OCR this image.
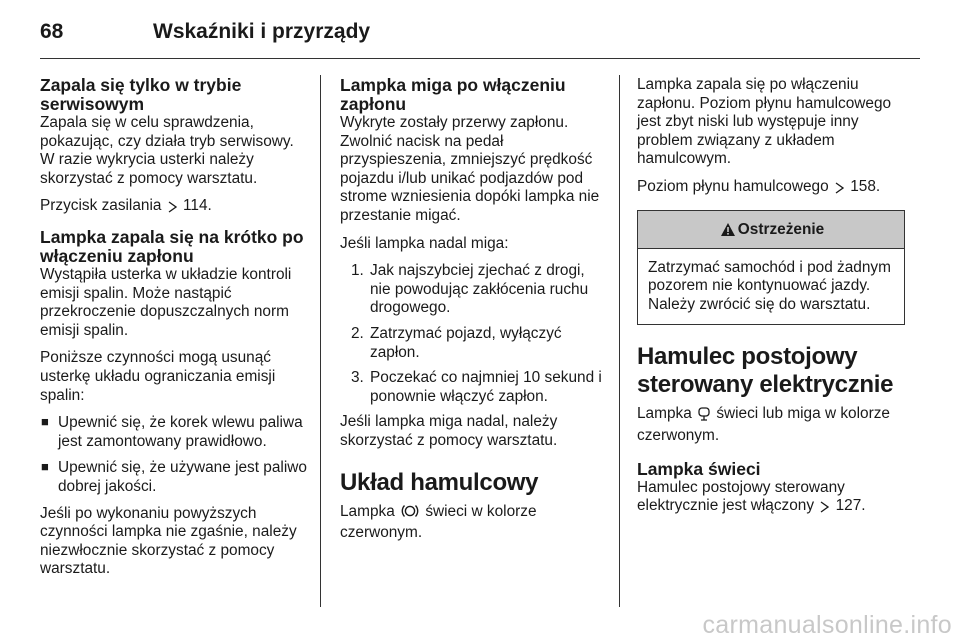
68	Wskaźniki i przyrządy
Zapala się tylko w trybie serwisowym

Zapala się w celu sprawdzenia, pokazując, czy działa tryb serwisowy. W razie wykrycia usterki należy skorzystać z pomocy warsztatu.

Przycisk zasilania 114.

Lampka zapala się na krótko po włączeniu zapłonu

Wystąpiła usterka w układzie kontroli emisji spalin. Może nastąpić przekroczenie dopuszczalnych norm emisji spalin.

Poniższe czynności mogą usunąć usterkę układu ograniczania emisji spalin:

■ Upewnić się, że korek wlewu paliwa jest zamontowany prawidłowo.
■ Upewnić się, że używane jest paliwo dobrej jakości.

Jeśli po wykonaniu powyższych czynności lampka nie zgaśnie, należy niezwłocznie skorzystać z pomocy warsztatu.

Lampka miga po włączeniu zapłonu

Wykryte zostały przerwy zapłonu. Zwolnić nacisk na pedał przyspieszenia, zmniejszyć prędkość pojazdu i/lub unikać podjazdów pod strome wzniesienia dopóki lampka nie przestanie migać.

Jeśli lampka nadal miga:

1. Jak najszybciej zjechać z drogi, nie powodując zakłócenia ruchu drogowego.
2. Zatrzymać pojazd, wyłączyć zapłon.
3. Poczekać co najmniej 10 sekund i ponownie włączyć zapłon.

Jeśli lampka miga nadal, należy skorzystać z pomocy warsztatu.

Układ hamulcowy

Lampka świeci w kolorze czerwonym.

Lampka zapala się po włączeniu zapłonu. Poziom płynu hamulcowego jest zbyt niski lub występuje inny problem związany z układem hamulcowym.

Poziom płynu hamulcowego 158.

Ostrzeżenie

Zatrzymać samochód i pod żadnym pozorem nie kontynuować jazdy. Należy zwrócić się do warsztatu.

Hamulec postojowy sterowany elektrycznie

Lampka świeci lub miga w kolorze czerwonym.

Lampka świeci

Hamulec postojowy sterowany elektrycznie jest włączony 127.

carmanualsonline.info
